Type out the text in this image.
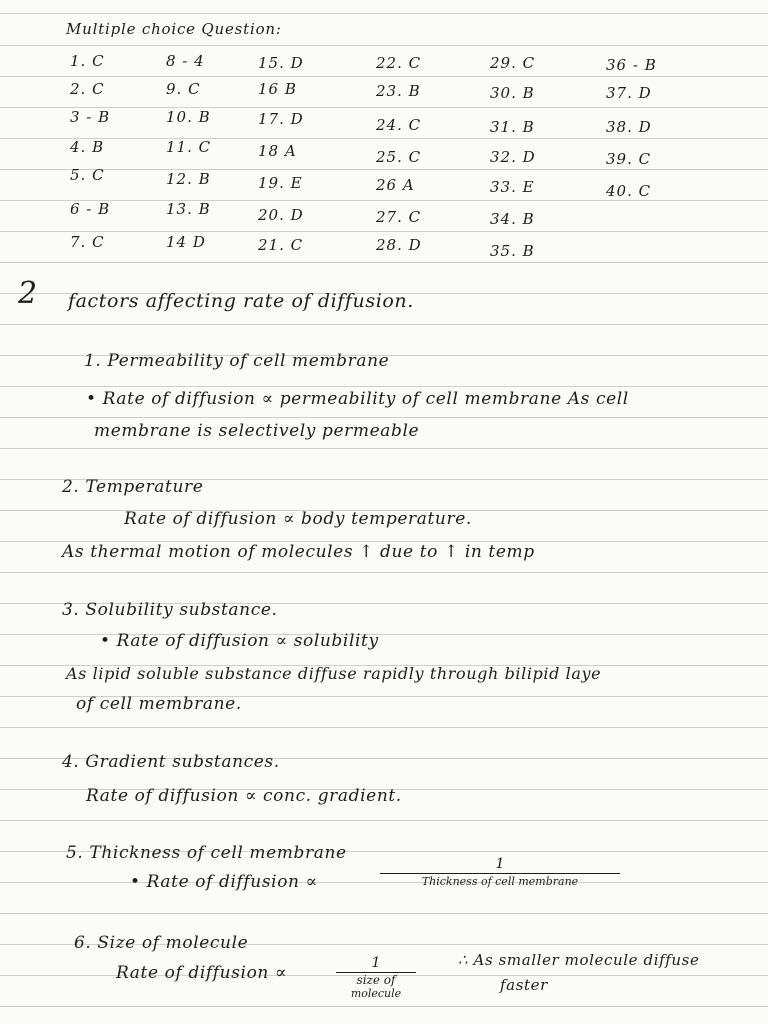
Multiple choice Question:
1. C
2. C
3 - B
4. B
5. C
6 - B
7. C
8 - 4
9. C
10. B
11. C
12. B
13. B
14 D
15. D
16 B
17. D
18 A
19. E
20. D
21. C
22. C
23. B
24. C
25. C
26 A
27. C
28. D
29. C
30. B
31. B
32. D
33. E
34. B
35. B
36 - B
37. D
38. D
39. C
40. C
2 factors affecting rate of diffusion.
1. Permeability of cell membrane
• Rate of diffusion ∝ permeability of cell membrane As cell
membrane is selectively permeable
2. Temperature
Rate of diffusion ∝ body temperature.
As thermal motion of molecules ↑ due to ↑ in temp
3. Solubility substance.
• Rate of diffusion ∝ solubility
As lipid soluble substance diffuse rapidly through bilipid laye
of cell membrane.
4. Gradient substances.
Rate of diffusion ∝ conc. gradient.
5. Thickness of cell membrane
• Rate of diffusion ∝
1
Thickness of cell membrane
6. Size of molecule
Rate of diffusion ∝	1
size of
molecule
∴ As smaller molecule diffuse
faster
